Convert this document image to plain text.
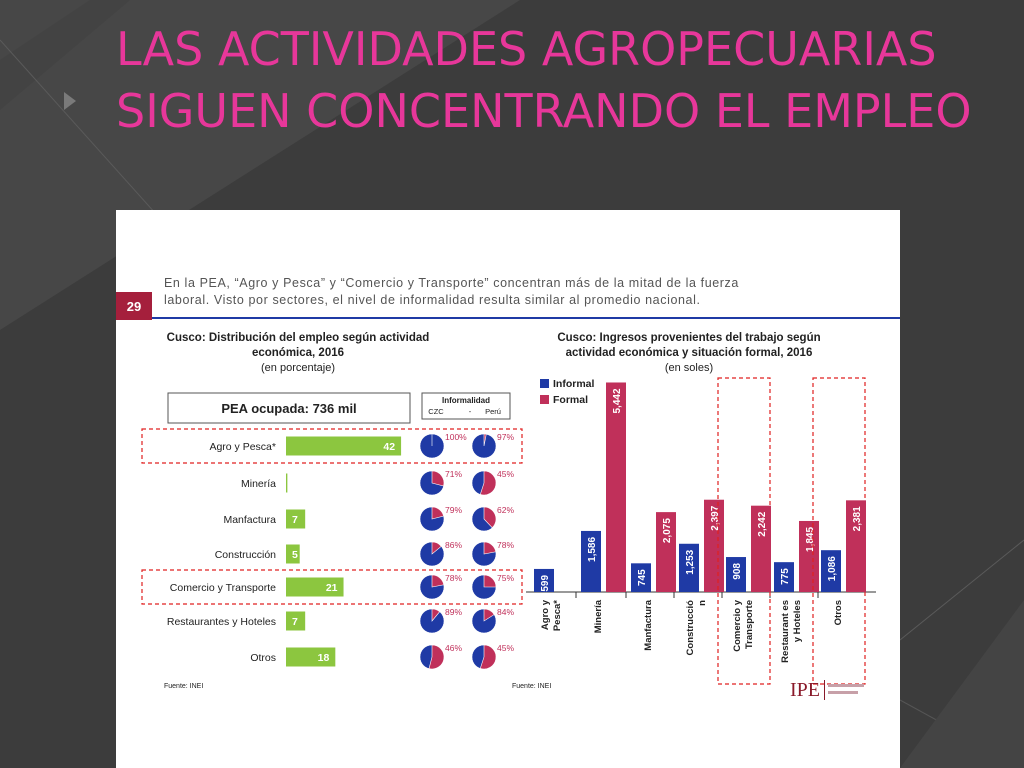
LAS ACTIVIDADES AGROPECUARIAS SIGUEN CONCENTRANDO EL EMPLEO
29
En la PEA, “Agro y Pesca” y “Comercio y Transporte” concentran más de la mitad de la fuerza
laboral. Visto por sectores, el nivel de informalidad resulta similar al promedio nacional.
Cusco: Distribución del empleo según actividad
económica, 2016
(en porcentaje)
PEA ocupada: 736 mil
Informalidad
CZC	- Perú
Agro y Pesca*	42
100%	97%
Minería
71%	45%
Manfactura 7
79%	62%
Construcción 5
86%	78%
Comercio y Transporte	21
78%	75%
Restaurantes y Hoteles 7
89%	84%
Otros	18
46%	45%
Fuente: INEI
Cusco: Ingresos provenientes del trabajo según
actividad económica y situación formal, 2016
(en soles)
Informal
Formal
599
Agro y Pesca*
1,586
5,442
Minería
745
2,075
Manfactura
1,253
2,397
Construcció n
908
2,242
Comercio y Transporte
775
1,845
Restaurant es y Hoteles
1,086
2,381
Otros
Fuente: INEI	IPE
